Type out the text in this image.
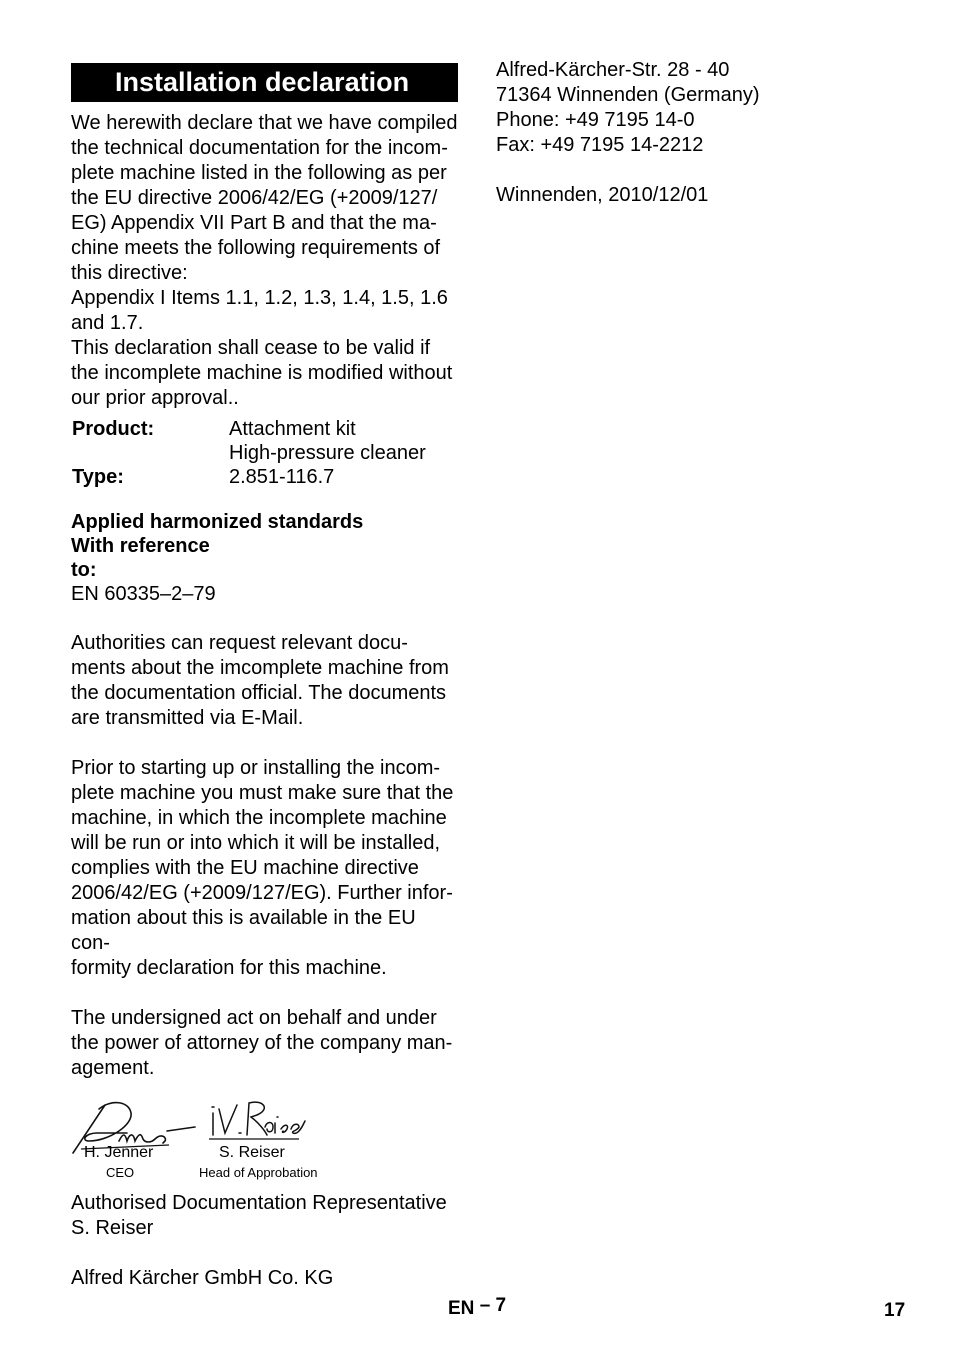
Installation declaration

We herewith declare that we have compiled
the technical documentation for the incom-
plete machine listed in the following as per
the EU directive 2006/42/EG (+2009/127/
EG) Appendix VII Part B and that the ma-
chine meets the following requirements of
this directive:
Appendix I Items 1.1, 1.2, 1.3, 1.4, 1.5, 1.6
and 1.7.
This declaration shall cease to be valid if
the incomplete machine is modified without
our prior approval..

Product:	Attachment kit
	High-pressure cleaner
Type:	2.851-116.7

Applied harmonized standards

With reference

to:

EN 60335–2–79

Authorities can request relevant docu-
ments about the imcomplete machine from
the documentation official. The documents
are transmitted via E-Mail.

Prior to starting up or installing the incom-
plete machine you must make sure that the
machine, in which the incomplete machine
will be run or into which it will be installed,
complies with the EU machine directive
2006/42/EG (+2009/127/EG). Further infor-
mation about this is available in the EU con-
formity declaration for this machine.

The undersigned act on behalf and under
the power of attorney of the company man-
agement.

H. Jenner
CEO
S. Reiser
Head of Approbation

Authorised Documentation Representative
S. Reiser

Alfred Kärcher GmbH Co. KG

Alfred-Kärcher-Str. 28 - 40
71364 Winnenden (Germany)
Phone: +49 7195 14-0
Fax: +49 7195 14-2212

Winnenden, 2010/12/01

EN – 7	17
